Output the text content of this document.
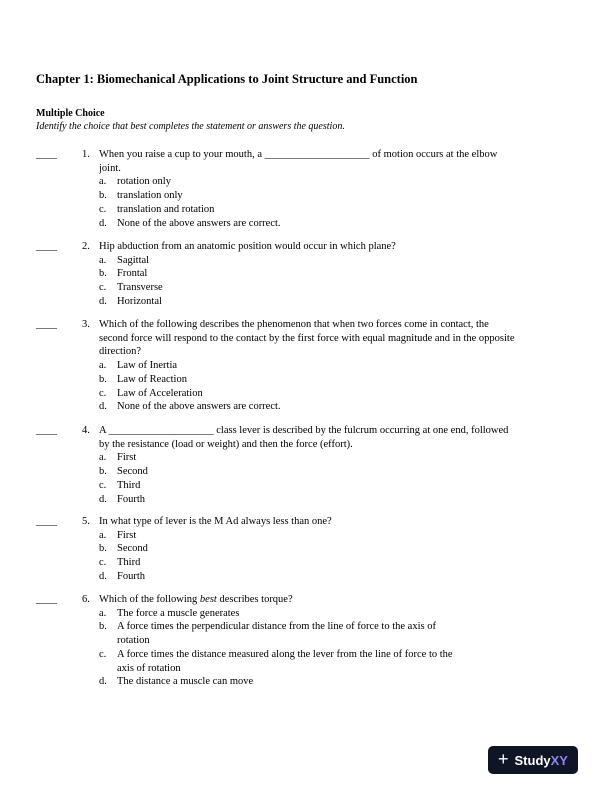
Chapter 1: Biomechanical Applications to Joint Structure and Function
Multiple Choice
Identify the choice that best completes the statement or answers the question.
____ 1. When you raise a cup to your mouth, a ____________________ of motion occurs at the elbow
joint.
a. rotation only
b. translation only
c. translation and rotation
d. None of the above answers are correct.
____ 2. Hip abduction from an anatomic position would occur in which plane?
a. Sagittal
b. Frontal
c. Transverse
d. Horizontal
____ 3. Which of the following describes the phenomenon that when two forces come in contact, the
second force will respond to the contact by the first force with equal magnitude and in the opposite
direction?
a. Law of Inertia
b. Law of Reaction
c. Law of Acceleration
d. None of the above answers are correct.
____ 4. A ____________________ class lever is described by the fulcrum occurring at one end, followed
by the resistance (load or weight) and then the force (effort).
a. First
b. Second
c. Third
d. Fourth
____ 5. In what type of lever is the M Ad always less than one?
a. First
b. Second
c. Third
d. Fourth
____ 6. Which of the following best describes torque?
a. The force a muscle generates
b. A force times the perpendicular distance from the line of force to the axis of
rotation
c. A force times the distance measured along the lever from the line of force to the
axis of rotation
d. The distance a muscle can move
+ StudyXY
